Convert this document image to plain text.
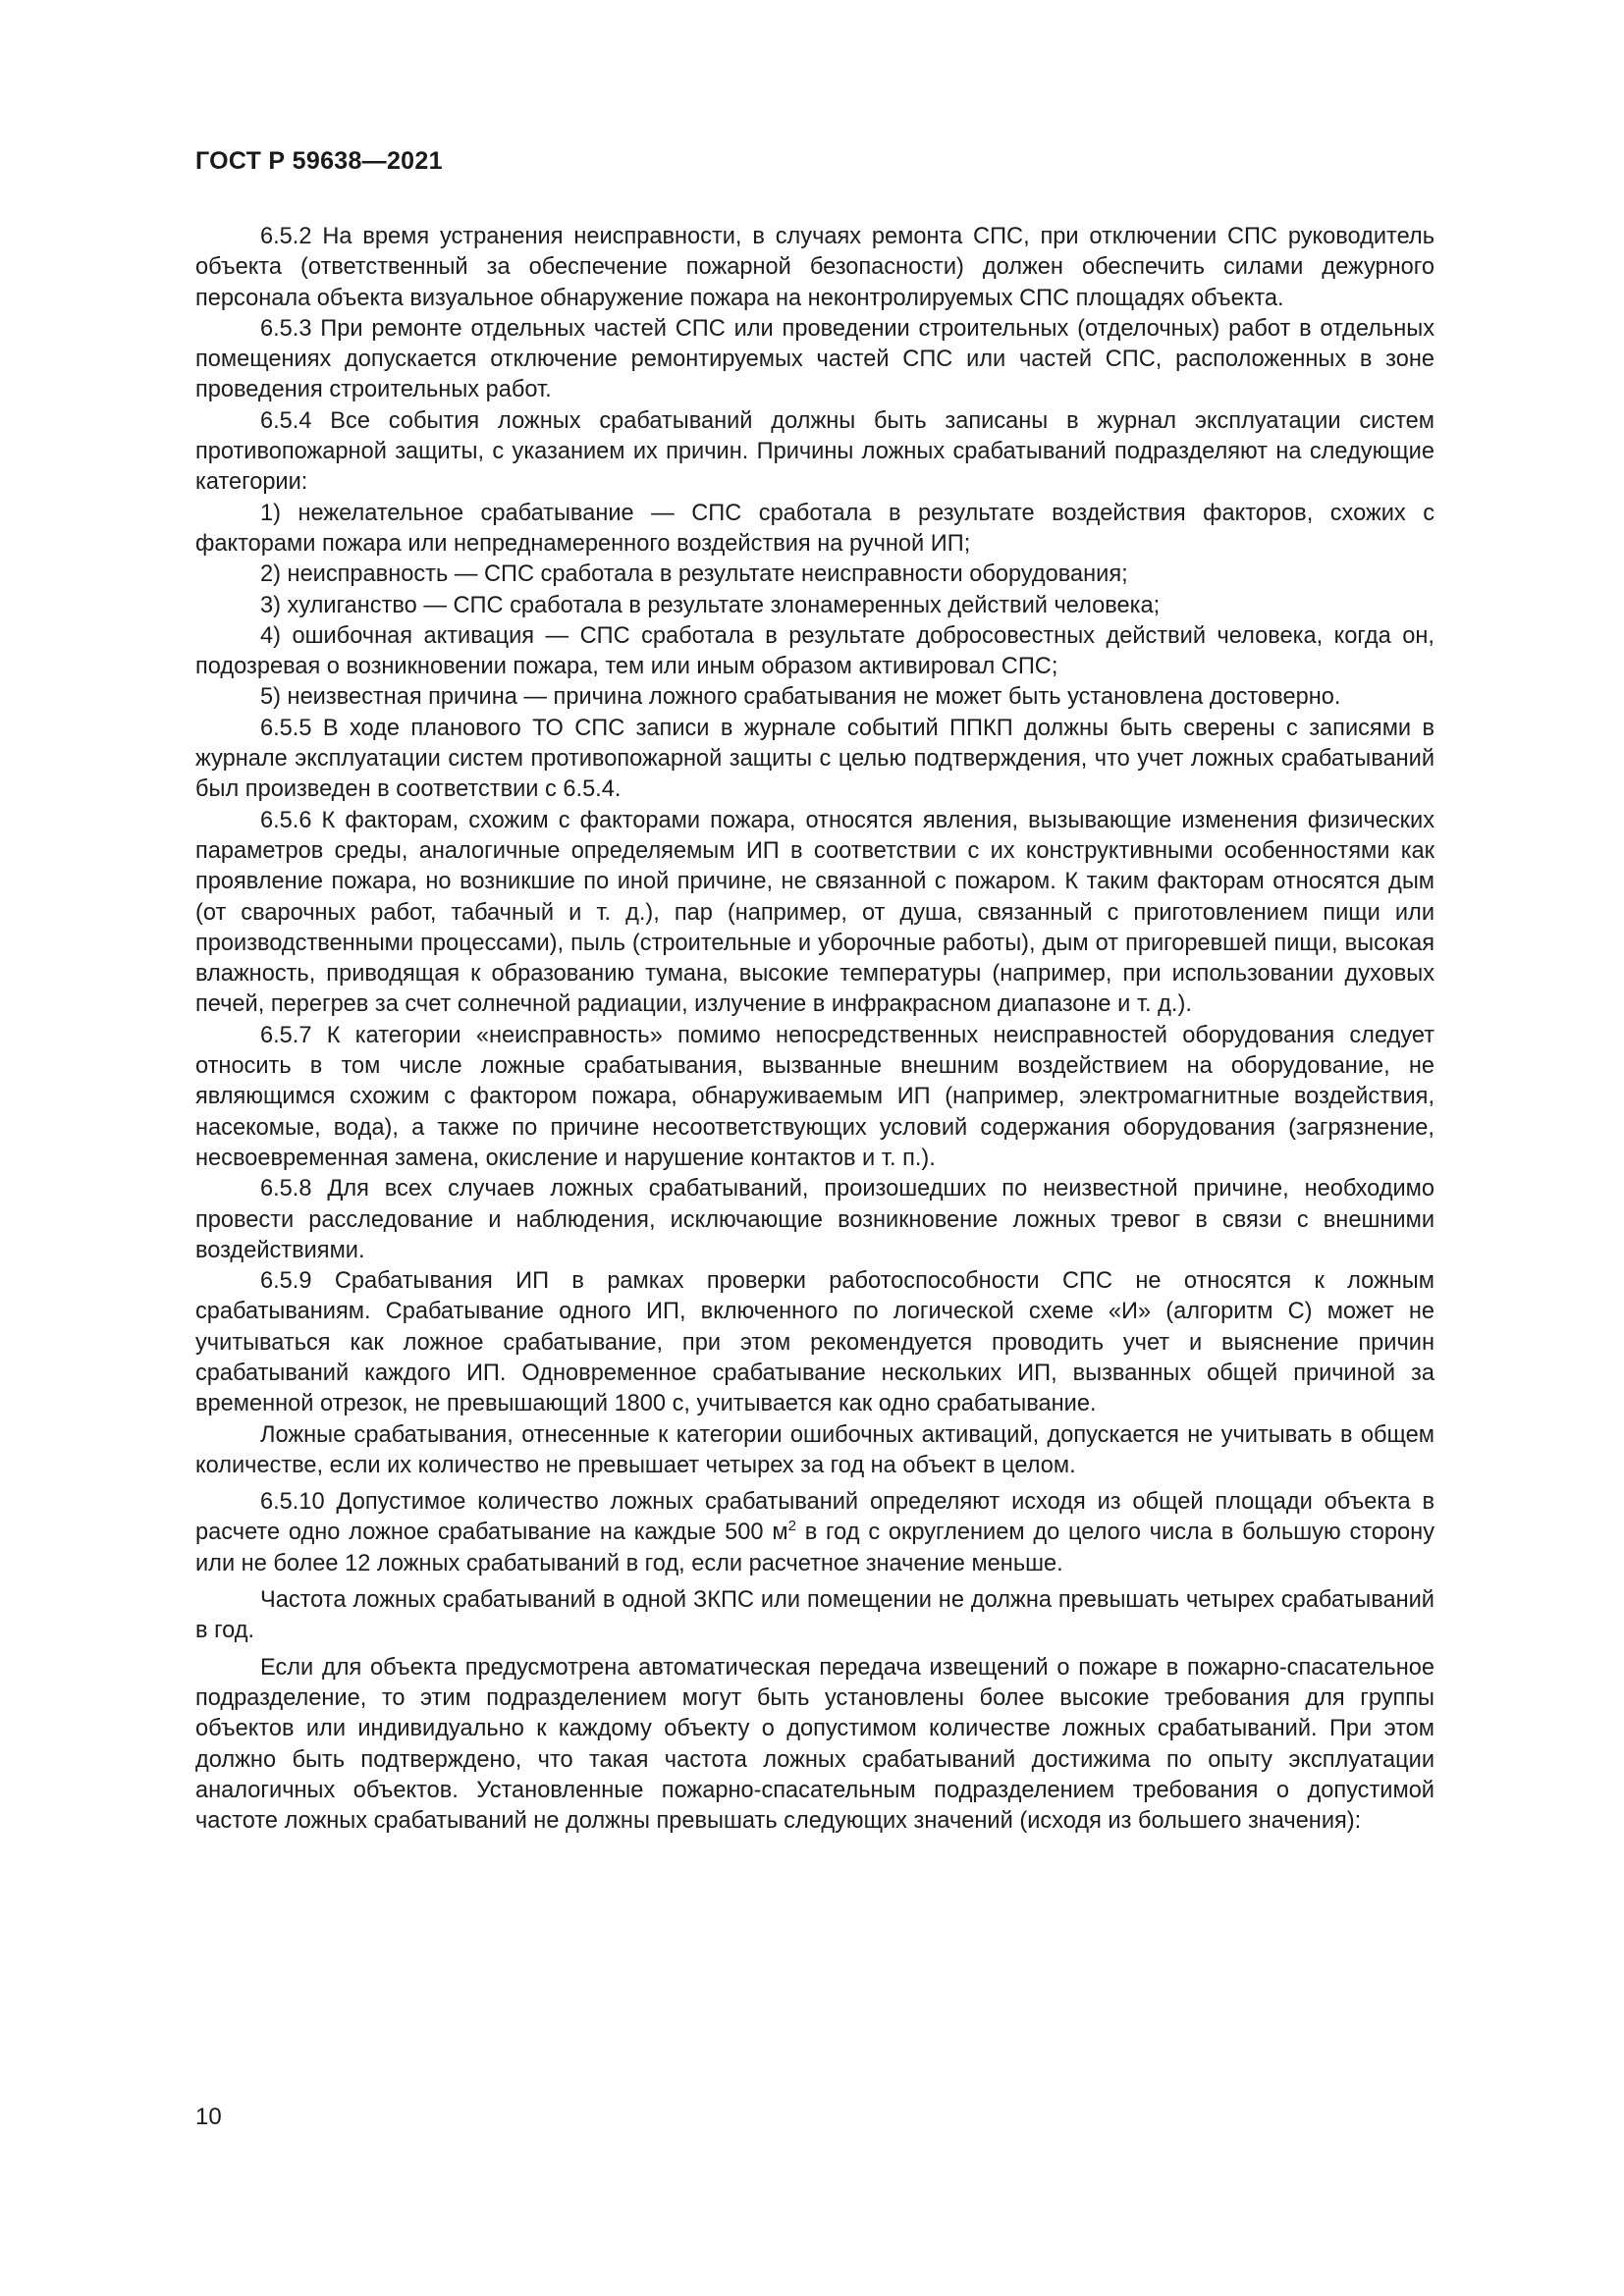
ГОСТ Р 59638—2021

6.5.2 На время устранения неисправности, в случаях ремонта СПС, при отключении СПС руководитель объекта (ответственный за обеспечение пожарной безопасности) должен обеспечить силами дежурного персонала объекта визуальное обнаружение пожара на неконтролируемых СПС площадях объекта.

6.5.3 При ремонте отдельных частей СПС или проведении строительных (отделочных) работ в отдельных помещениях допускается отключение ремонтируемых частей СПС или частей СПС, расположенных в зоне проведения строительных работ.

6.5.4 Все события ложных срабатываний должны быть записаны в журнал эксплуатации систем противопожарной защиты, с указанием их причин. Причины ложных срабатываний подразделяют на следующие категории:

1) нежелательное срабатывание — СПС сработала в результате воздействия факторов, схожих с факторами пожара или непреднамеренного воздействия на ручной ИП;

2) неисправность — СПС сработала в результате неисправности оборудования;

3) хулиганство — СПС сработала в результате злонамеренных действий человека;

4) ошибочная активация — СПС сработала в результате добросовестных действий человека, когда он, подозревая о возникновении пожара, тем или иным образом активировал СПС;

5) неизвестная причина — причина ложного срабатывания не может быть установлена достоверно.

6.5.5 В ходе планового ТО СПС записи в журнале событий ППКП должны быть сверены с записями в журнале эксплуатации систем противопожарной защиты с целью подтверждения, что учет ложных срабатываний был произведен в соответствии с 6.5.4.

6.5.6 К факторам, схожим с факторами пожара, относятся явления, вызывающие изменения физических параметров среды, аналогичные определяемым ИП в соответствии с их конструктивными особенностями как проявление пожара, но возникшие по иной причине, не связанной с пожаром. К таким факторам относятся дым (от сварочных работ, табачный и т. д.), пар (например, от душа, связанный с приготовлением пищи или производственными процессами), пыль (строительные и уборочные работы), дым от пригоревшей пищи, высокая влажность, приводящая к образованию тумана, высокие температуры (например, при использовании духовых печей, перегрев за счет солнечной радиации, излучение в инфракрасном диапазоне и т. д.).

6.5.7 К категории «неисправность» помимо непосредственных неисправностей оборудования следует относить в том числе ложные срабатывания, вызванные внешним воздействием на оборудование, не являющимся схожим с фактором пожара, обнаруживаемым ИП (например, электромагнитные воздействия, насекомые, вода), а также по причине несоответствующих условий содержания оборудования (загрязнение, несвоевременная замена, окисление и нарушение контактов и т. п.).

6.5.8 Для всех случаев ложных срабатываний, произошедших по неизвестной причине, необходимо провести расследование и наблюдения, исключающие возникновение ложных тревог в связи с внешними воздействиями.

6.5.9 Срабатывания ИП в рамках проверки работоспособности СПС не относятся к ложным срабатываниям. Срабатывание одного ИП, включенного по логической схеме «И» (алгоритм С) может не учитываться как ложное срабатывание, при этом рекомендуется проводить учет и выяснение причин срабатываний каждого ИП. Одновременное срабатывание нескольких ИП, вызванных общей причиной за временной отрезок, не превышающий 1800 с, учитывается как одно срабатывание.

Ложные срабатывания, отнесенные к категории ошибочных активаций, допускается не учитывать в общем количестве, если их количество не превышает четырех за год на объект в целом.

6.5.10 Допустимое количество ложных срабатываний определяют исходя из общей площади объекта в расчете одно ложное срабатывание на каждые 500 $м^2$ в год с округлением до целого числа в большую сторону или не более 12 ложных срабатываний в год, если расчетное значение меньше.

Частота ложных срабатываний в одной ЗКПС или помещении не должна превышать четырех срабатываний в год.

Если для объекта предусмотрена автоматическая передача извещений о пожаре в пожарно-спасательное подразделение, то этим подразделением могут быть установлены более высокие требования для группы объектов или индивидуально к каждому объекту о допустимом количестве ложных срабатываний. При этом должно быть подтверждено, что такая частота ложных срабатываний достижима по опыту эксплуатации аналогичных объектов. Установленные пожарно-спасательным подразделением требования о допустимой частоте ложных срабатываний не должны превышать следующих значений (исходя из большего значения):

10
